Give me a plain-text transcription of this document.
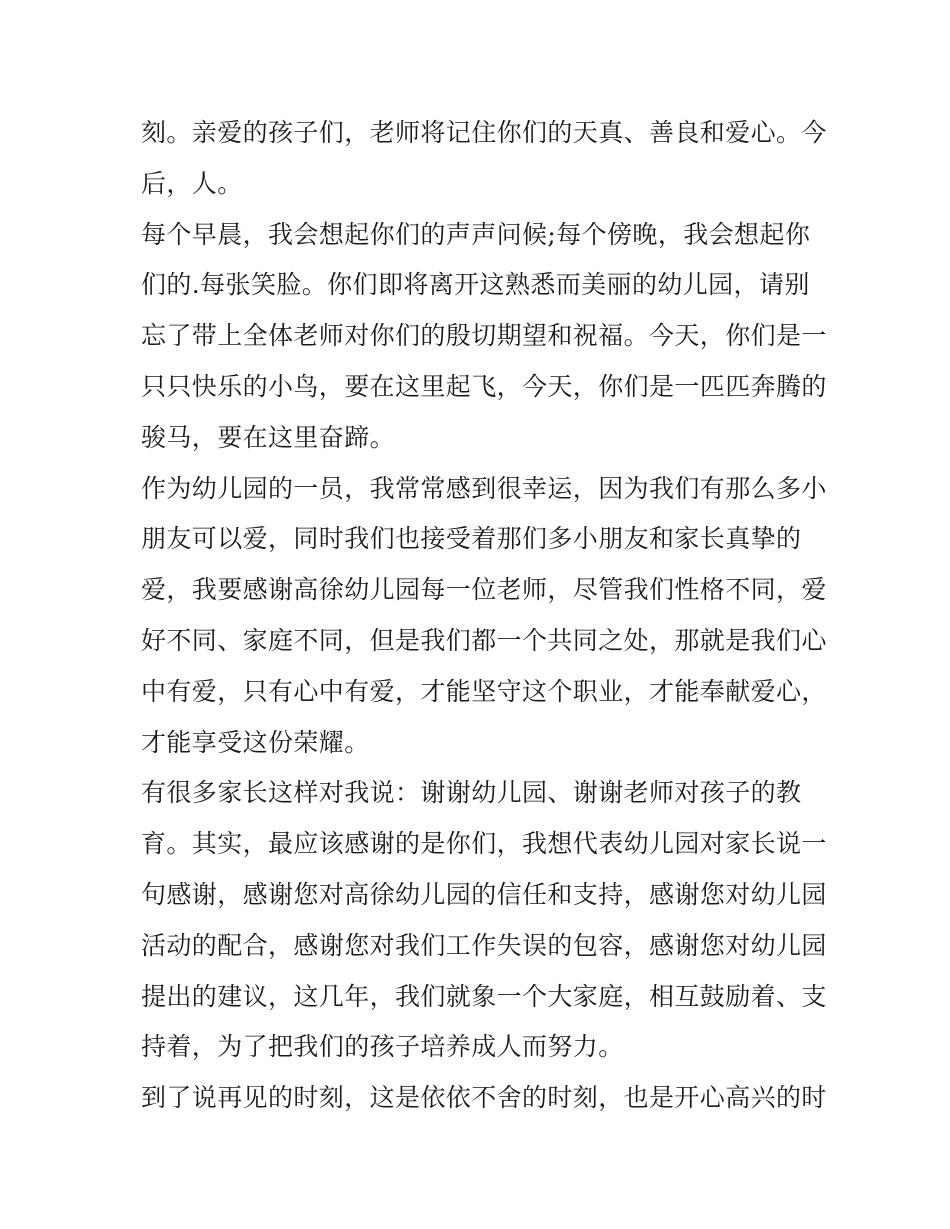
刻。亲爱的孩子们，老师将记住你们的天真、善良和爱心。今
后，人。
每个早晨，我会想起你们的声声问候;每个傍晚，我会想起你
们的.每张笑脸。你们即将离开这熟悉而美丽的幼儿园，请别
忘了带上全体老师对你们的殷切期望和祝福。今天，你们是一
只只快乐的小鸟，要在这里起飞，今天，你们是一匹匹奔腾的
骏马，要在这里奋蹄。
作为幼儿园的一员，我常常感到很幸运，因为我们有那么多小
朋友可以爱，同时我们也接受着那们多小朋友和家长真挚的
爱，我要感谢高徐幼儿园每一位老师，尽管我们性格不同，爱
好不同、家庭不同，但是我们都一个共同之处，那就是我们心
中有爱，只有心中有爱，才能坚守这个职业，才能奉献爱心，
才能享受这份荣耀。
有很多家长这样对我说：谢谢幼儿园、谢谢老师对孩子的教
育。其实，最应该感谢的是你们，我想代表幼儿园对家长说一
句感谢，感谢您对高徐幼儿园的信任和支持，感谢您对幼儿园
活动的配合，感谢您对我们工作失误的包容，感谢您对幼儿园
提出的建议，这几年，我们就象一个大家庭，相互鼓励着、支
持着，为了把我们的孩子培养成人而努力。
到了说再见的时刻，这是依依不舍的时刻，也是开心高兴的时
